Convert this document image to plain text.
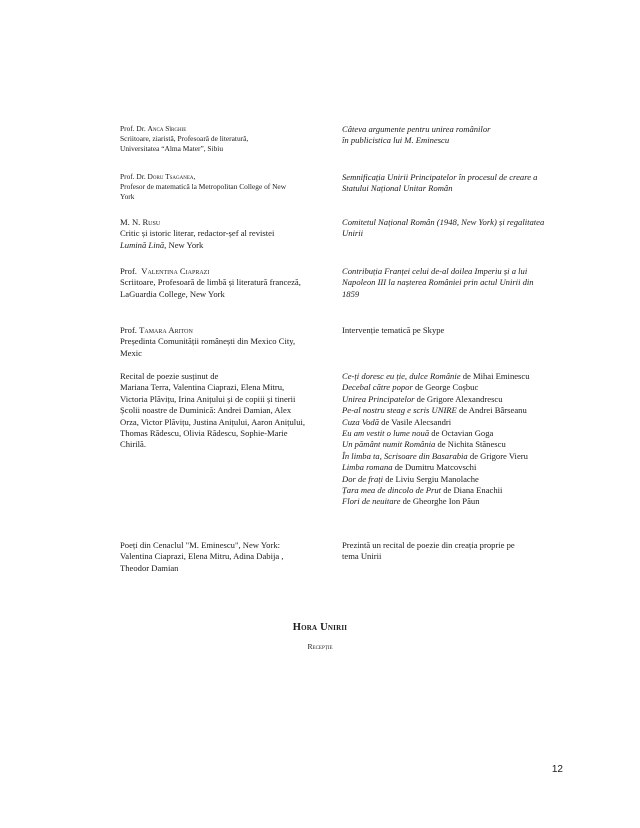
Prof. Dr. Anca Sîrghie
Scriitoare, ziaristă, Profesoară de literatură,
Universitatea “Alma Mater”, Sibiu
Câteva argumente pentru unirea românilor
în publicistica lui M. Eminescu
Prof. Dr. Doru Tsaganea,
Profesor de matematică la Metropolitan College of New
York
Semnificația Unirii Principatelor în procesul de creare a
Statului Național Unitar Român
M. N. Rusu
Critic și istoric literar, redactor-șef al revistei
Lumină Lină, New York
Comitetul Național Român (1948, New York) și regalitatea
Unirii
Prof. Valentina Ciaprazi
Scriitoare, Profesoară de limbă și literatură franceză,
LaGuardia College, New York
Contribuția Franței celui de-al doilea Imperiu și a lui
Napoleon III la nașterea României prin actul Unirii din
1859
Prof. Tamara Ariton
Președinta Comunității românești din Mexico City,
Mexic
Intervenție tematică pe Skype
Recital de poezie susținut de
Mariana Terra, Valentina Ciaprazi, Elena Mitru,
Victoria Plăvițu, Irina Anițului și de copiii și tinerii
Școlii noastre de Duminică: Andrei Damian, Alex
Orza, Victor Plăvițu, Justina Anițului, Aaron Anițului,
Thomas Rădescu, Olivia Rădescu, Sophie-Marie
Chirilă.
Ce-ți doresc eu ție, dulce Românie de Mihai Eminescu
Decebal către popor de George Coșbuc
Unirea Principatelor de Grigore Alexandrescu
Pe-al nostru steag e scris UNIRE de Andrei Bârseanu
Cuza Vodă de Vasile Alecsandri
Eu am vestit o lume nouă de Octavian Goga
Un pământ numit România de Nichita Stănescu
În limba ta, Scrisoare din Basarabia de Grigore Vieru
Limba romana de Dumitru Matcovschi
Dor de frați de Liviu Sergiu Manolache
Țara mea de dincolo de Prut de Diana Enachii
Flori de neuitare de Gheorghe Ion Păun
Poeți din Cenaclul "M. Eminescu", New York:
Valentina Ciaprazi, Elena Mitru, Adina Dabija ,
Theodor Damian
Prezintă un recital de poezie din creația proprie pe
tema Unirii
Hora Unirii
Recepție
12
